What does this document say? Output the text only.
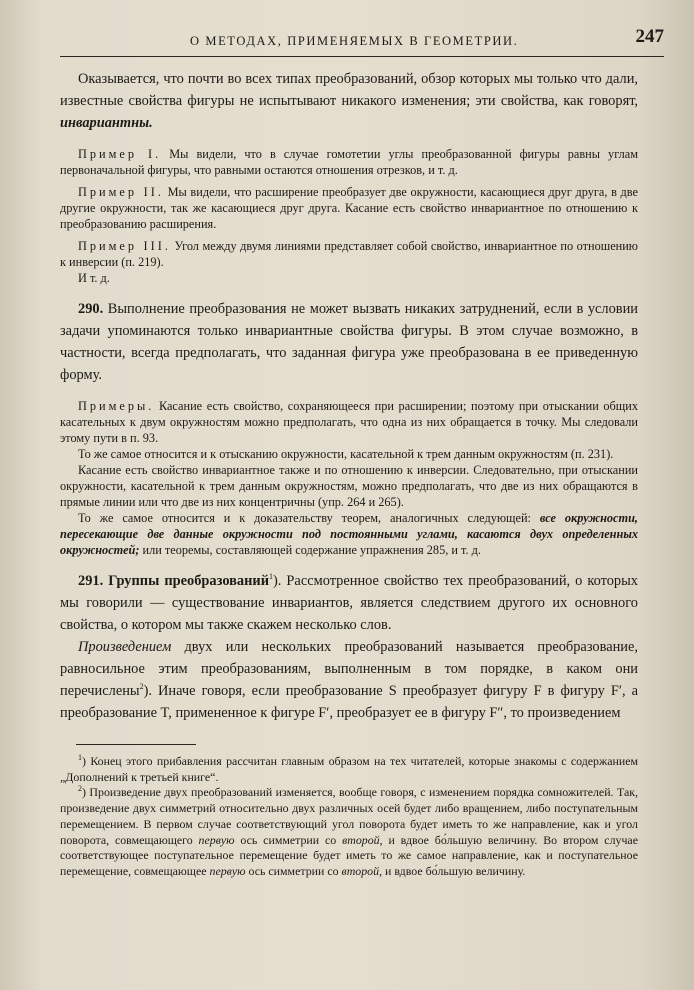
О МЕТОДАХ, ПРИМЕНЯЕМЫХ В ГЕОМЕТРИИ.	247

Оказывается, что почти во всех типах преобразований, обзор которых мы только что дали, известные свойства фигуры не испытывают никакого изменения; эти свойства, как говорят, инвариантны.

Пример I. Мы видели, что в случае гомотетии углы преобразованной фигуры равны углам первоначальной фигуры, что равными остаются отношения отрезков, и т. д.

Пример II. Мы видели, что расширение преобразует две окружности, касающиеся друг друга, в две другие окружности, так же касающиеся друг друга. Касание есть свойство инвариантное по отношению к преобразованию расширения.

Пример III. Угол между двумя линиями представляет собой свойство, инвариантное по отношению к инверсии (п. 219).

И т. д.

290. Выполнение преобразования не может вызвать никаких затруднений, если в условии задачи упоминаются только инвариантные свойства фигуры. В этом случае возможно, в частности, всегда предполагать, что заданная фигура уже преобразована в ее приведенную форму.

Примеры. Касание есть свойство, сохраняющееся при расширении; поэтому при отыскании общих касательных к двум окружностям можно предполагать, что одна из них обращается в точку. Мы следовали этому пути в п. 93.

То же самое относится и к отысканию окружности, касательной к трем данным окружностям (п. 231).

Касание есть свойство инвариантное также и по отношению к инверсии. Следовательно, при отыскании окружности, касательной к трем данным окружностям, можно предполагать, что две из них обращаются в прямые линии или что две из них концентричны (упр. 264 и 265).

То же самое относится и к доказательству теорем, аналогичных следующей: все окружности, пересекающие две данные окружности под постоянными углами, касаются двух определенных окружностей; или теоремы, составляющей содержание упражнения 285, и т. д.

291. Группы преобразований$^1$). Рассмотренное свойство тех преобразований, о которых мы говорили — существование инвариантов, является следствием другого их основного свойства, о котором мы также скажем несколько слов.

Произведением двух или нескольких преобразований называется преобразование, равносильное этим преобразованиям, выполненным в том порядке, в каком они перечислены$^2$). Иначе говоря, если преобразование S преобразует фигуру F в фигуру F′, а преобразование T, примененное к фигуре F′, преобразует ее в фигуру F″, то произведением

$^1$) Конец этого прибавления рассчитан главным образом на тех читателей, которые знакомы с содержанием „Дополнений к третьей книге“.

$^2$) Произведение двух преобразований изменяется, вообще говоря, с изменением порядка сомножителей. Так, произведение двух симметрий относительно двух различных осей будет либо вращением, либо поступательным перемещением. В первом случае соответствующий угол поворота будет иметь то же направление, как и угол поворота, совмещающего первую ось симметрии со второй, и вдвое бо́льшую величину. Во втором случае соответствующее поступательное перемещение будет иметь то же самое направление, как и поступательное перемещение, совмещающее первую ось симметрии со второй, и вдвое бо́льшую величину.
